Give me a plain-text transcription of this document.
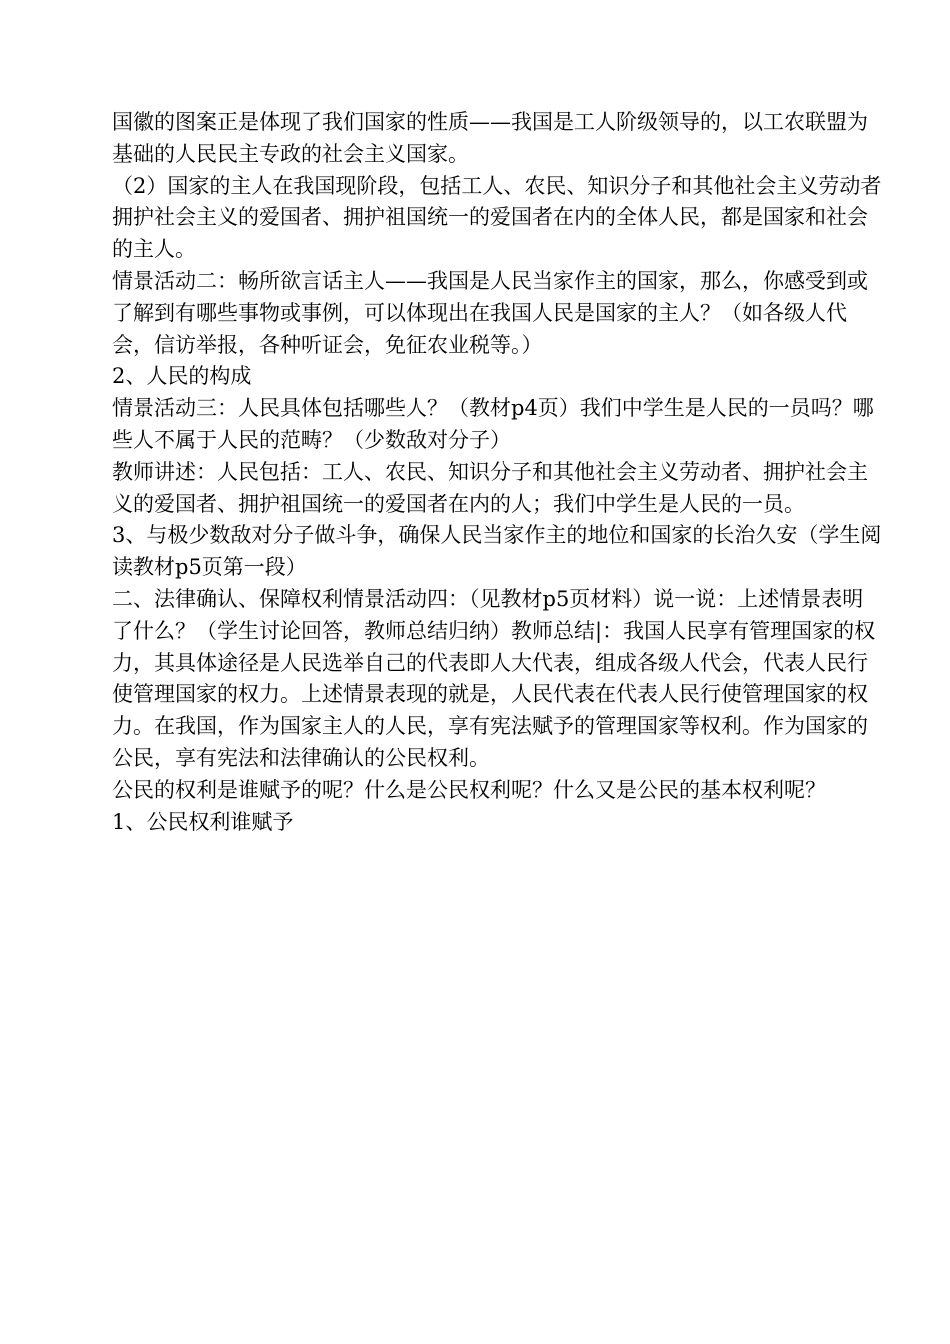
国徽的图案正是体现了我们国家的性质——我国是工人阶级领导的，以工农联盟为基础的人民民主专政的社会主义国家。

（2）国家的主人在我国现阶段，包括工人、农民、知识分子和其他社会主义劳动者拥护社会主义的爱国者、拥护祖国统一的爱国者在内的全体人民，都是国家和社会的主人。

情景活动二：畅所欲言话主人——我国是人民当家作主的国家，那么，你感受到或了解到有哪些事物或事例，可以体现出在我国人民是国家的主人？（如各级人代会，信访举报，各种听证会，免征农业税等。）

2、人民的构成

情景活动三：人民具体包括哪些人？（教材p4页）我们中学生是人民的一员吗？哪些人不属于人民的范畴？（少数敌对分子）

教师讲述：人民包括：工人、农民、知识分子和其他社会主义劳动者、拥护社会主义的爱国者、拥护祖国统一的爱国者在内的人；我们中学生是人民的一员。

3、与极少数敌对分子做斗争，确保人民当家作主的地位和国家的长治久安（学生阅读教材p5页第一段）

二、法律确认、保障权利情景活动四：（见教材p5页材料）说一说：上述情景表明了什么？（学生讨论回答，教师总结归纳）教师总结|：我国人民享有管理国家的权力，其具体途径是人民选举自己的代表即人大代表，组成各级人代会，代表人民行使管理国家的权力。上述情景表现的就是，人民代表在代表人民行使管理国家的权力。在我国，作为国家主人的人民，享有宪法赋予的管理国家等权利。作为国家的公民，享有宪法和法律确认的公民权利。

公民的权利是谁赋予的呢？什么是公民权利呢？什么又是公民的基本权利呢？

1、公民权利谁赋予
